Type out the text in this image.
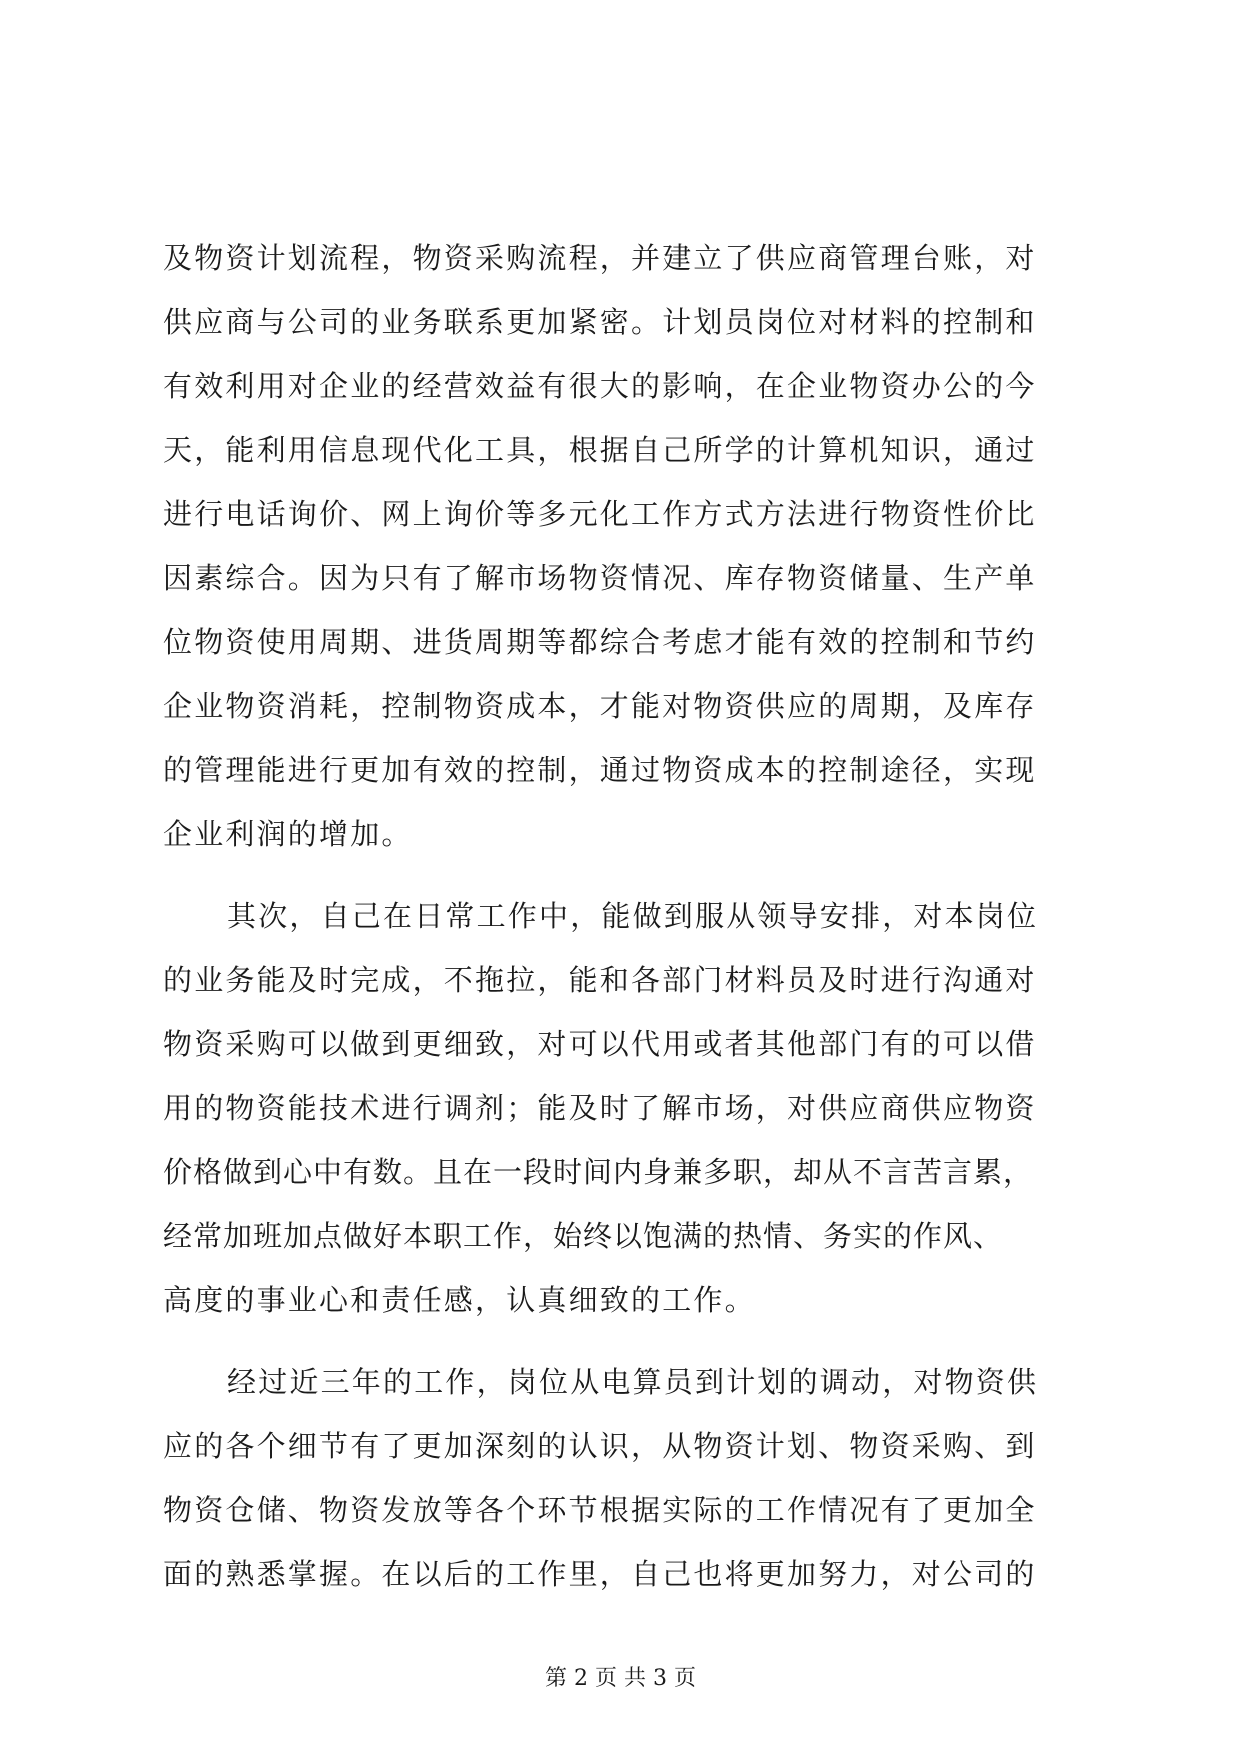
及物资计划流程，物资采购流程，并建立了供应商管理台账，对
供应商与公司的业务联系更加紧密。计划员岗位对材料的控制和
有效利用对企业的经营效益有很大的影响，在企业物资办公的今
天，能利用信息现代化工具，根据自己所学的计算机知识，通过
进行电话询价、网上询价等多元化工作方式方法进行物资性价比
因素综合。因为只有了解市场物资情况、库存物资储量、生产单
位物资使用周期、进货周期等都综合考虑才能有效的控制和节约
企业物资消耗，控制物资成本，才能对物资供应的周期，及库存
的管理能进行更加有效的控制，通过物资成本的控制途径，实现
企业利润的增加。
其次，自己在日常工作中，能做到服从领导安排，对本岗位
的业务能及时完成，不拖拉，能和各部门材料员及时进行沟通对
物资采购可以做到更细致，对可以代用或者其他部门有的可以借
用的物资能技术进行调剂；能及时了解市场，对供应商供应物资
价格做到心中有数。且在一段时间内身兼多职，却从不言苦言累，
经常加班加点做好本职工作，始终以饱满的热情、务实的作风、
高度的事业心和责任感，认真细致的工作。
经过近三年的工作，岗位从电算员到计划的调动，对物资供
应的各个细节有了更加深刻的认识，从物资计划、物资采购、到
物资仓储、物资发放等各个环节根据实际的工作情况有了更加全
面的熟悉掌握。在以后的工作里，自己也将更加努力，对公司的
第 2 页 共 3 页
